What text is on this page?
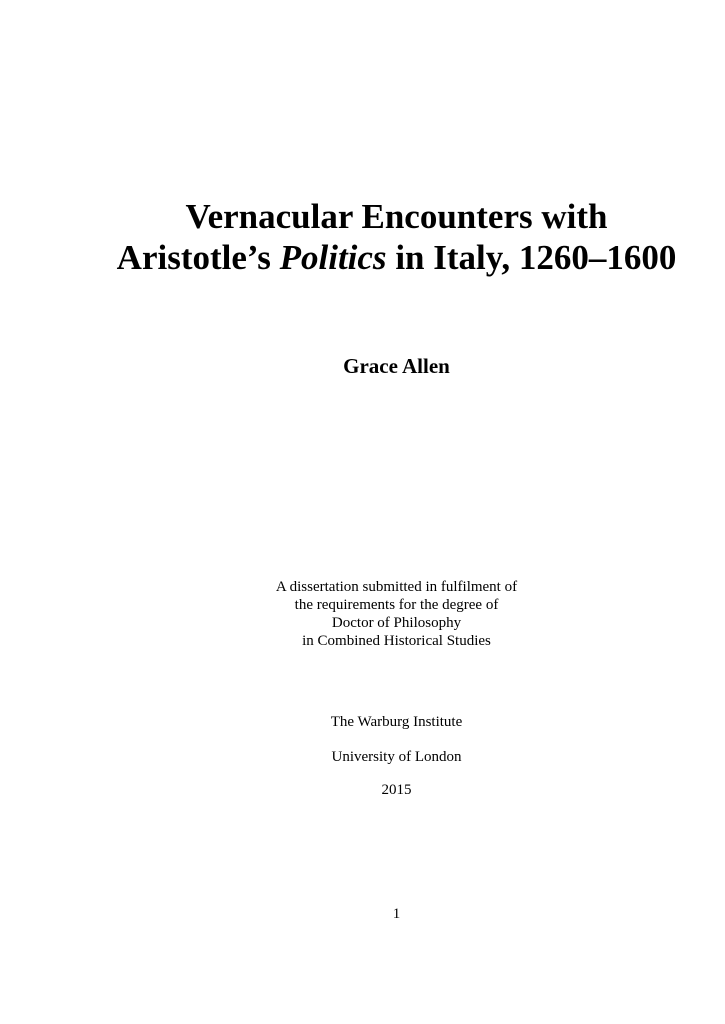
Vernacular Encounters with
Aristotle’s Politics in Italy, 1260–1600

Grace Allen

A dissertation submitted in fulfilment of
the requirements for the degree of
Doctor of Philosophy
in Combined Historical Studies

The Warburg Institute

University of London

2015

1
